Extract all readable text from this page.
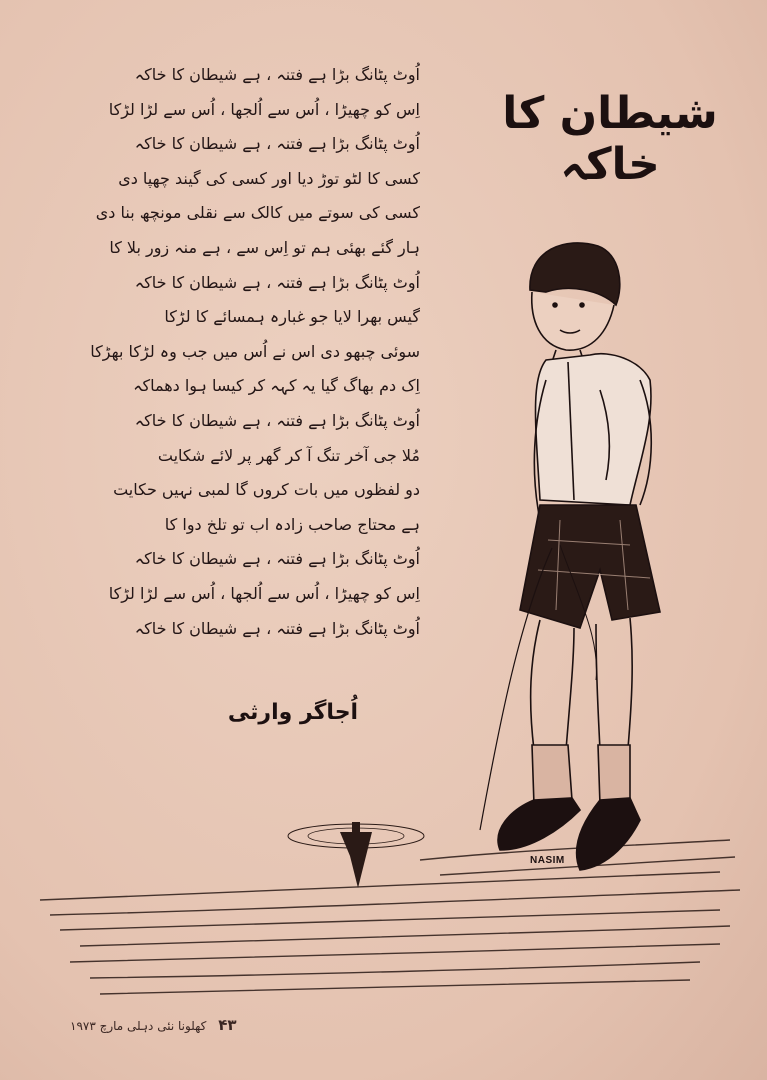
شیطان کا خاکہ
اُوٹ پٹانگ بڑا ہے فتنہ ، ہے شیطان کا خاکہ
اِس کو چھیڑا ، اُس سے اُلجھا ، اُس سے لڑا لڑکا
اُوٹ پٹانگ بڑا ہے فتنہ ، ہے شیطان کا خاکہ
کسی کا لٹو توڑ دیا اور کسی کی گیند چھپا دی
کسی کی سوتے میں کالک سے نقلی مونچھ بنا دی
ہار گئے بھئی ہم تو اِس سے ، ہے منہ زور بلا کا
اُوٹ پٹانگ بڑا ہے فتنہ ، ہے شیطان کا خاکہ
گیس بھرا لایا جو غبارہ ہمسائے کا لڑکا
سوئی چبھو دی اس نے اُس میں جب وہ لڑکا بھڑکا
اِک دم بھاگ گیا یہ کہہ کر کیسا ہوا دھماکہ
اُوٹ پٹانگ بڑا ہے فتنہ ، ہے شیطان کا خاکہ
مُلا جی آخر تنگ آ کر گھر پر لائے شکایت
دو لفظوں میں بات کروں گا لمبی نہیں حکایت
ہے محتاج صاحب زادہ اب تو تلخ دوا کا
اُوٹ پٹانگ بڑا ہے فتنہ ، ہے شیطان کا خاکہ
اِس کو چھیڑا ، اُس سے اُلجھا ، اُس سے لڑا لڑکا
اُوٹ پٹانگ بڑا ہے فتنہ ، ہے شیطان کا خاکہ
اُجاگر وارثی
NASIM
۴۳ کھلونا نئی دہلی مارچ ۱۹۷۳
